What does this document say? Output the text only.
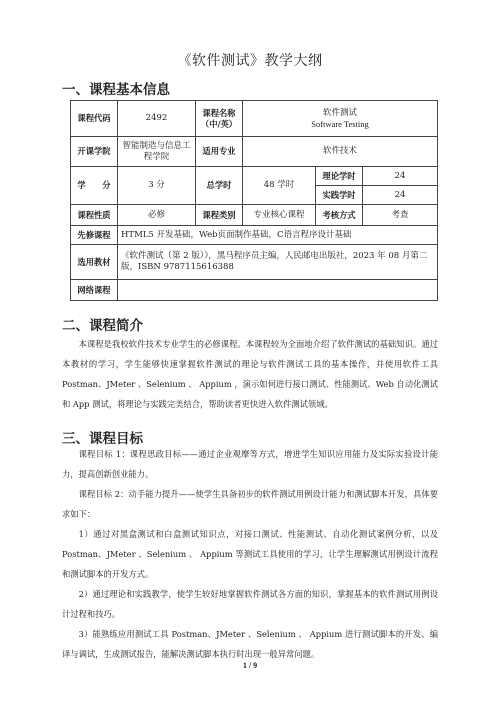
《软件测试》教学大纲
一、课程基本信息
课程代码	2492	课程名称（中/英）	软件测试
Software Testing		

开课学院	智能制造与信息工程学院	适用专业	软件技术		
学　　分	3 分	总学时	48 学时	理论学时	24
				实践学时	24
课程性质	必修	课程类别	专业核心课程	考核方式	考查
先修课程	HTML5 开发基础，Web页面制作基础，C语言程序设计基础				
选用教材	《软件测试（第 2 版）》，黑马程序员主编，人民邮电出版社，2023 年 08 月第二版，ISBN 9787115616388				
网络课程					
二、课程简介
本课程是我校软件技术专业学生的必修课程。本课程较为全面地介绍了软件测试的基础知识。通过本教材的学习，学生能够快速掌握软件测试的理论与软件测试工具的基本操作，并使用软件工具 Postman、JMeter 、Selenium 、 Appium ，演示如何进行接口测试、性能测试、Web 自动化测试和 App 测试，将理论与实践完美结合，帮助读者更快进入软件测试领域。
三、课程目标

课程目标 1：课程思政目标——通过企业观摩等方式，增进学生知识应用能力及实际实验设计能力，提高创新创业能力。

课程目标 2：动手能力提升——使学生具备初步的软件测试用例设计能力和测试脚本开发，具体要求如下：

1）通过对黑盒测试和白盒测试知识点，对接口测试、性能测试、自动化测试案例分析，以及 Postman、JMeter 、Selenium 、 Appium 等测试工具使用的学习，让学生理解测试用例设计流程和测试脚本的开发方式。

2）通过理论和实践教学，使学生较好地掌握软件测试各方面的知识，掌握基本的软件测试用例设计过程和技巧。

3）能熟练应用测试工具 Postman、JMeter 、Selenium 、 Appium 进行测试脚本的开发、编译与调试，生成测试报告，能解决测试脚本执行时出现一般异常问题。

1 / 9
